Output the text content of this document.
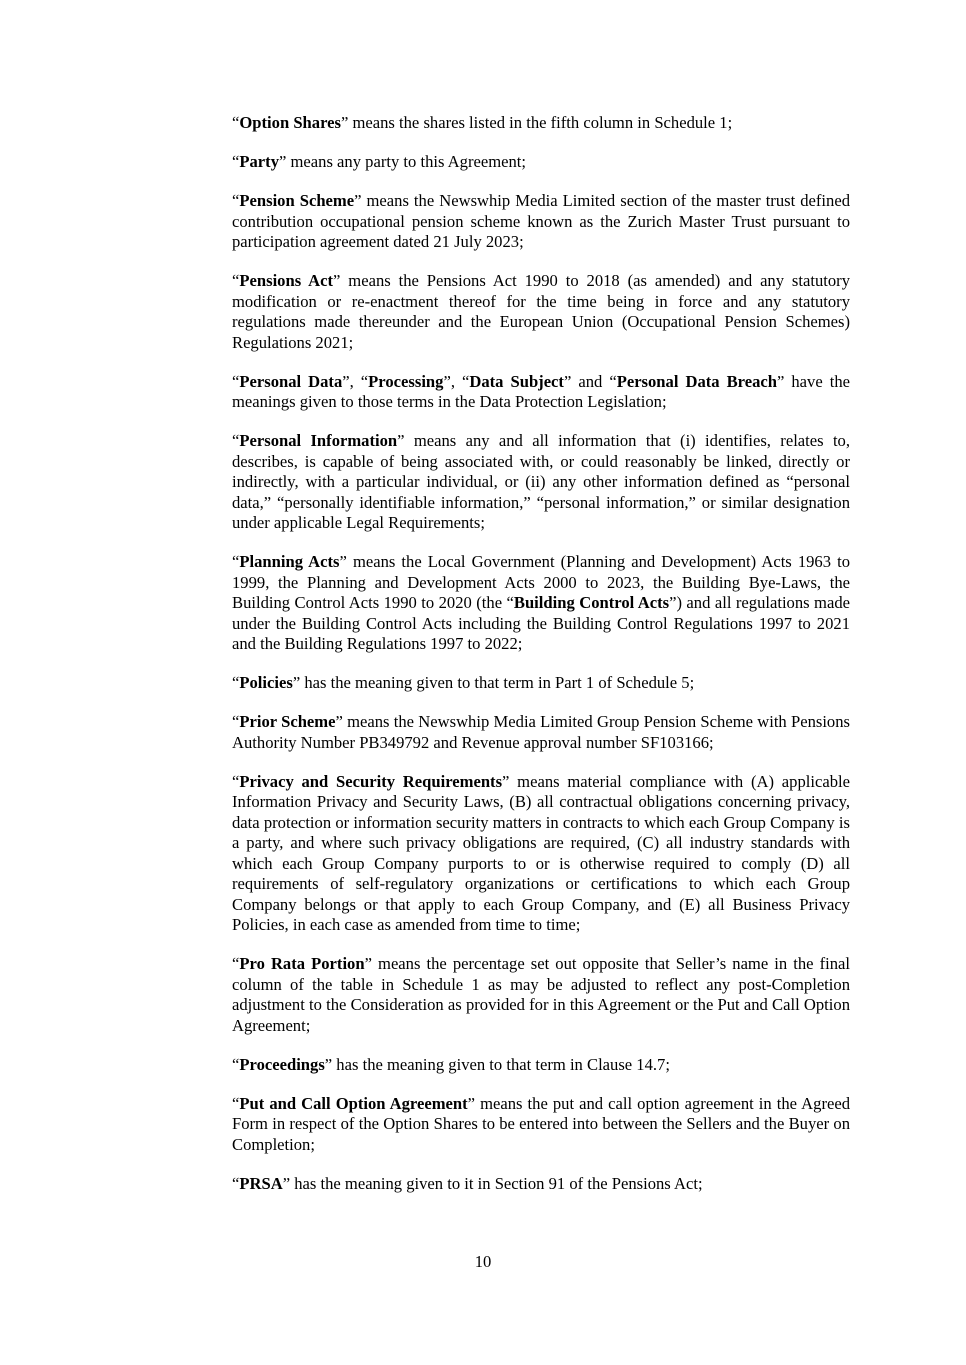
“Option Shares” means the shares listed in the fifth column in Schedule 1;

“Party” means any party to this Agreement;

“Pension Scheme” means the Newswhip Media Limited section of the master trust defined contribution occupational pension scheme known as the Zurich Master Trust pursuant to participation agreement dated 21 July 2023;

“Pensions Act” means the Pensions Act 1990 to 2018 (as amended) and any statutory modification or re-enactment thereof for the time being in force and any statutory regulations made thereunder and the European Union (Occupational Pension Schemes) Regulations 2021;

“Personal Data”, “Processing”, “Data Subject” and “Personal Data Breach” have the meanings given to those terms in the Data Protection Legislation;

“Personal Information” means any and all information that (i) identifies, relates to, describes, is capable of being associated with, or could reasonably be linked, directly or indirectly, with a particular individual, or (ii) any other information defined as “personal data,” “personally identifiable information,” “personal information,” or similar designation under applicable Legal Requirements;

“Planning Acts” means the Local Government (Planning and Development) Acts 1963 to 1999, the Planning and Development Acts 2000 to 2023, the Building Bye-Laws, the Building Control Acts 1990 to 2020 (the “Building Control Acts”) and all regulations made under the Building Control Acts including the Building Control Regulations 1997 to 2021 and the Building Regulations 1997 to 2022;

“Policies” has the meaning given to that term in Part 1 of Schedule 5;

“Prior Scheme” means the Newswhip Media Limited Group Pension Scheme with Pensions Authority Number PB349792 and Revenue approval number SF103166;

“Privacy and Security Requirements” means material compliance with (A) applicable Information Privacy and Security Laws, (B) all contractual obligations concerning privacy, data protection or information security matters in contracts to which each Group Company is a party, and where such privacy obligations are required, (C) all industry standards with which each Group Company purports to or is otherwise required to comply (D) all requirements of self-regulatory organizations or certifications to which each Group Company belongs or that apply to each Group Company, and (E) all Business Privacy Policies, in each case as amended from time to time;

“Pro Rata Portion” means the percentage set out opposite that Seller’s name in the final column of the table in Schedule 1 as may be adjusted to reflect any post-Completion adjustment to the Consideration as provided for in this Agreement or the Put and Call Option Agreement;

“Proceedings” has the meaning given to that term in Clause 14.7;

“Put and Call Option Agreement” means the put and call option agreement in the Agreed Form in respect of the Option Shares to be entered into between the Sellers and the Buyer on Completion;

“PRSA” has the meaning given to it in Section 91 of the Pensions Act;

10
